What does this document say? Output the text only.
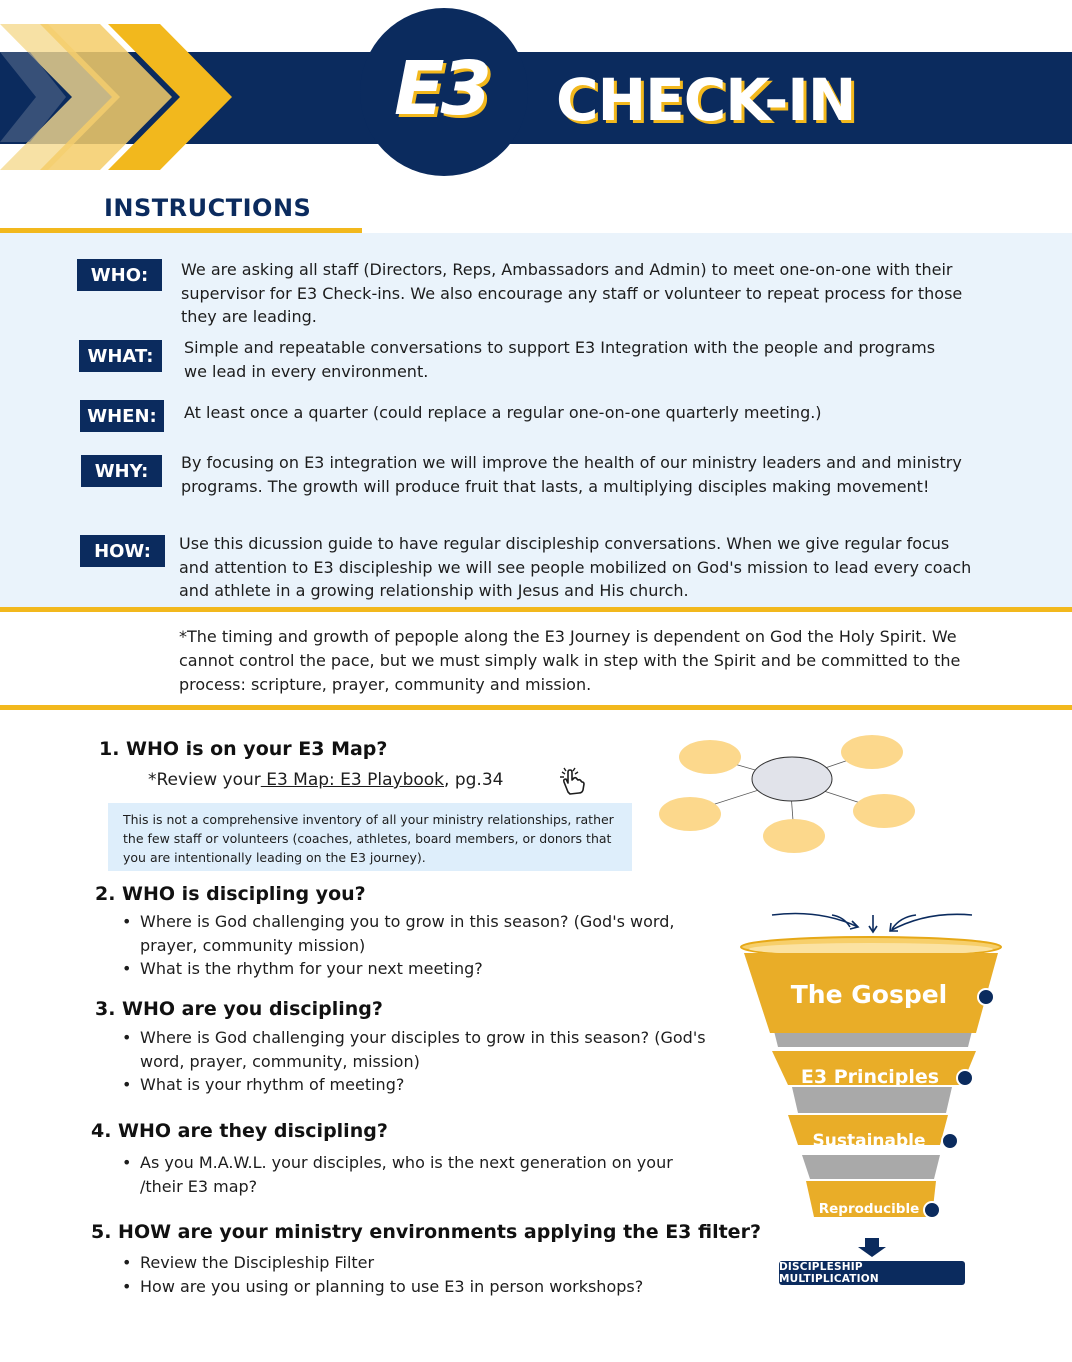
E3	CHECK-IN
INSTRUCTIONS
WHO:	We are asking all staff (Directors, Reps, Ambassadors and Admin) to meet one-on-one with their supervisor for E3 Check-ins. We also encourage any staff or volunteer to repeat process for those they are leading.
WHAT:	Simple and repeatable conversations to support E3 Integration with the people and programs we lead in every environment.
WHEN:	At least once a quarter (could replace a regular one-on-one quarterly meeting.)
WHY:	By focusing on E3 integration we will improve the health of our ministry leaders and and ministry programs. The growth will produce fruit that lasts, a multiplying disciples making movement!
HOW:	Use this dicussion guide to have regular discipleship conversations. When we give regular focus and attention to E3 discipleship we will see people mobilized on God's mission to lead every coach and athlete in a growing relationship with Jesus and His church.
*The timing and growth of pepople along the E3 Journey is dependent on God the Holy Spirit. We cannot control the pace, but we must simply walk in step with the Spirit and be committed to the process: scripture, prayer, community and mission.
1. WHO is on your E3 Map?
*Review your E3 Map: E3 Playbook, pg.34
This is not a comprehensive inventory of all your ministry relationships, rather the few staff or volunteers (coaches, athletes, board members, or donors that you are intentionally leading on the E3 journey).
2. WHO is discipling you?
• Where is God challenging you to grow in this season? (God's word, prayer, community mission)
• What is the rhythm for your next meeting?
3. WHO are you discipling?
• Where is God challenging your disciples to grow in this season? (God's word, prayer, community, mission)
• What is your rhythm of meeting?
4. WHO are they discipling?
• As you M.A.W.L. your disciples, who is the next generation on your /their E3 map?
5. HOW are your ministry environments applying the E3 filter?
• Review the Discipleship Filter
• How are you using or planning to use E3 in person workshops?
The Gospel
E3 Principles
Sustainable
Reproducible
DISCIPLESHIP MULTIPLICATION
